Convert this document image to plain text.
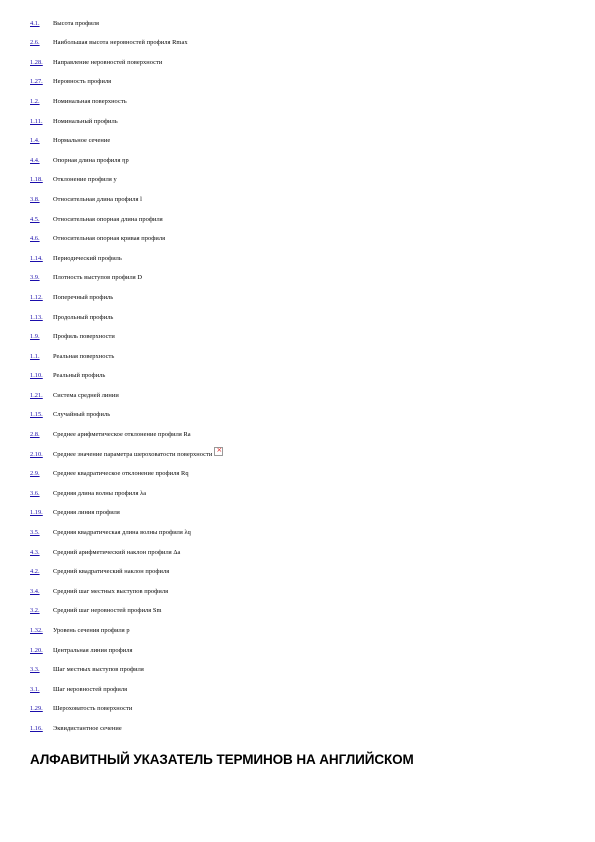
4.1.	Высота профиля
2.6.	Наибольшая высота неровностей профиля Rmax
1.28.	Направление неровностей поверхности
1.27.	Неровность профиля
1.2.	Номинальная поверхность
1.11.	Номинальный профиль
1.4.	Нормальное сечение
4.4.	Опорная длина профиля ηp
1.18.	Отклонение профиля y
3.8.	Относительная длина профиля l
4.5.	Относительная опорная длина профиля
4.6.	Относительная опорная кривая профиля
1.14.	Периодический профиль
3.9.	Плотность выступов профиля D
1.12.	Поперечный профиль
1.13.	Продольный профиль
1.9.	Профиль поверхности
1.1.	Реальная поверхность
1.10.	Реальный профиль
1.21.	Система средней линии
1.15.	Случайный профиль
2.8.	Среднее арифметическое отклонение профиля Ra
2.10.	Среднее значение параметра шероховатости поверхности
×
2.9.	Среднее квадратическое отклонение профиля Rq
3.6.	Средняя длина волны профиля λa
1.19.	Средняя линия профиля
3.5.	Средняя квадратическая длина волны профиля λq
4.3.	Средний арифметический наклон профиля Δa
4.2.	Средний квадратический наклон профиля
3.4.	Средний шаг местных выступов профиля
3.2.	Средний шаг неровностей профиля Sm
1.32.	Уровень сечения профиля p
1.20.	Центральная линия профиля
3.3.	Шаг местных выступов профиля
3.1.	Шаг неровностей профиля
1.29.	Шероховатость поверхности
1.16.	Эквидистантное сечение
АЛФАВИТНЫЙ УКАЗАТЕЛЬ ТЕРМИНОВ НА АНГЛИЙСКОМ
